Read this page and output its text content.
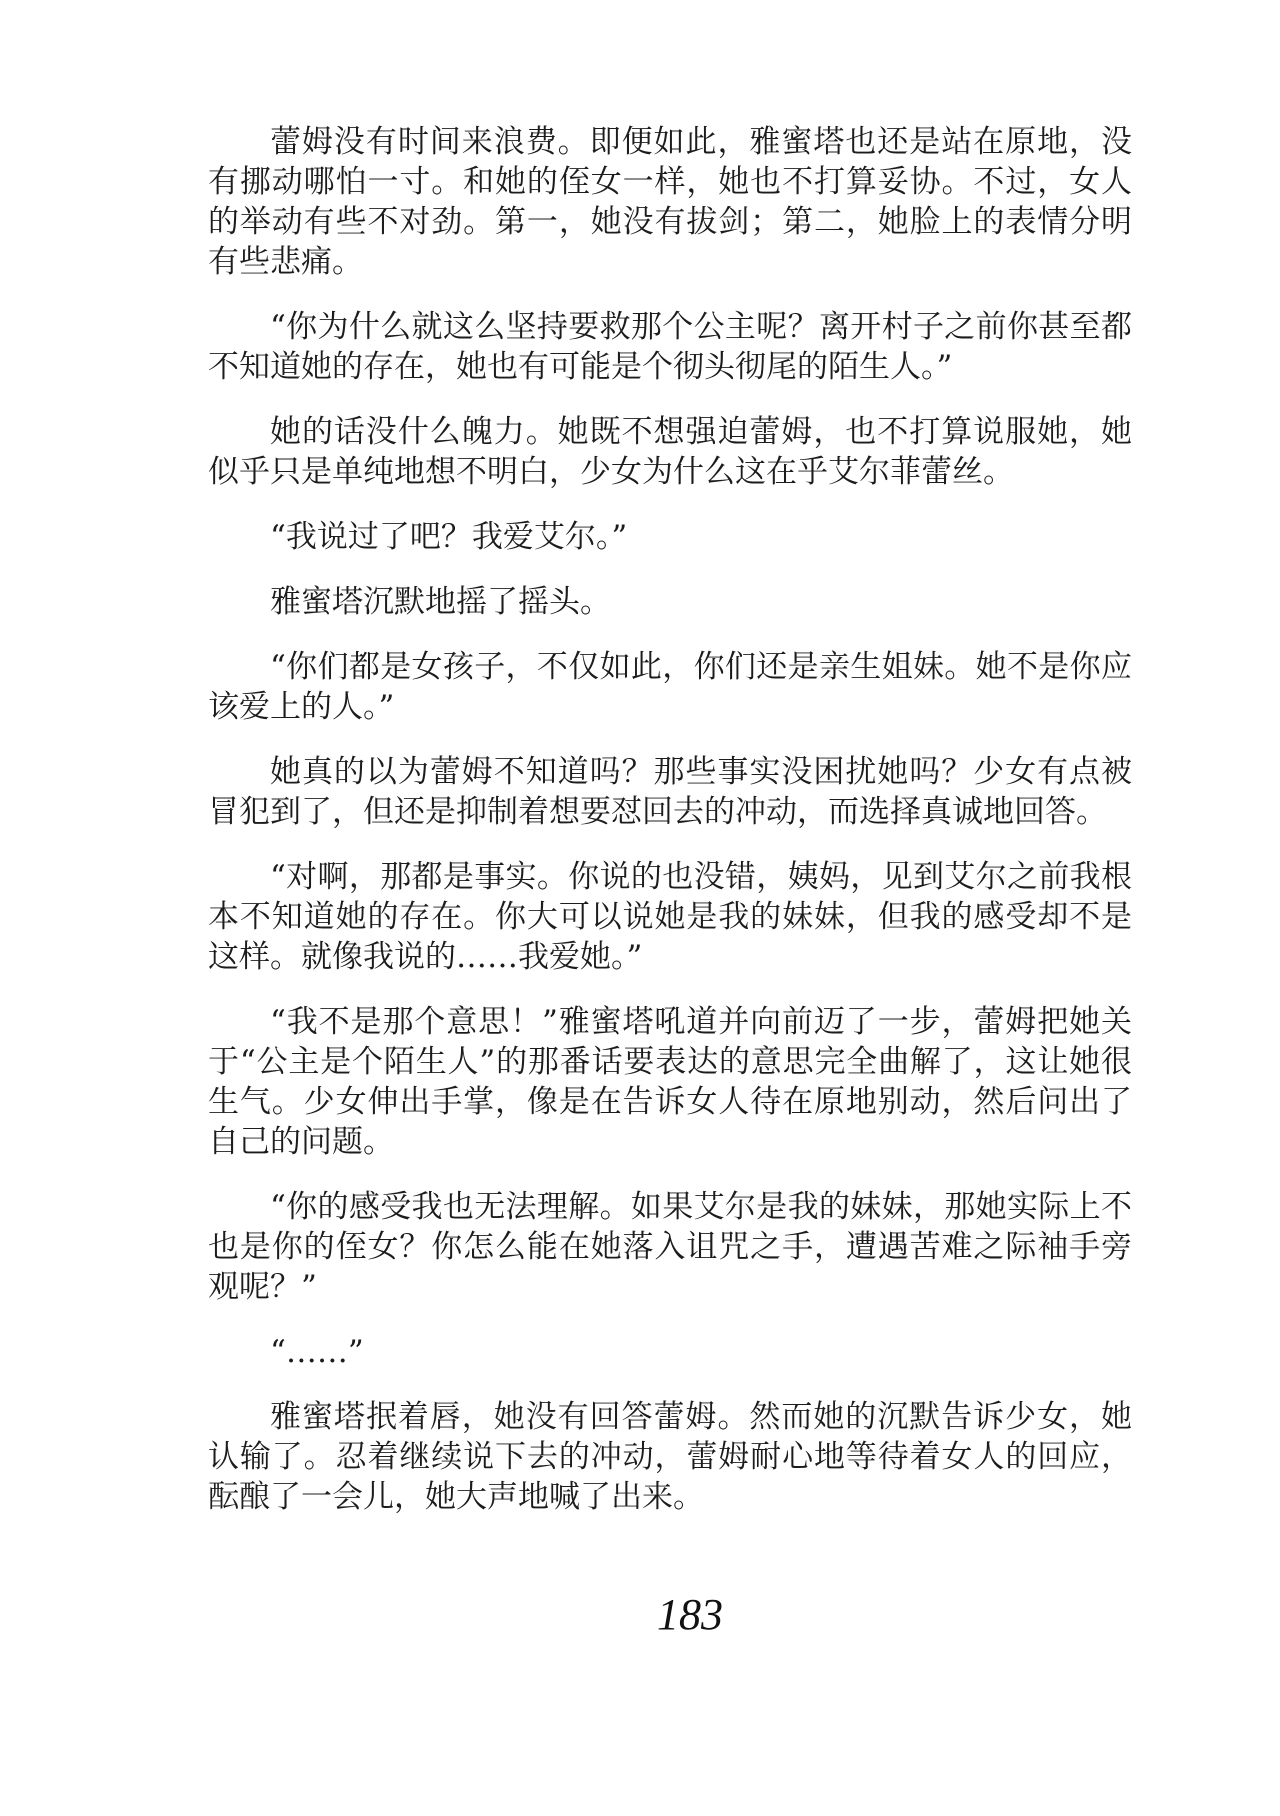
蕾姆没有时间来浪费。即便如此，雅蜜塔也还是站在原地，没有挪动哪怕一寸。和她的侄女一样，她也不打算妥协。不过，女人的举动有些不对劲。第一，她没有拔剑；第二，她脸上的表情分明有些悲痛。

“你为什么就这么坚持要救那个公主呢？离开村子之前你甚至都不知道她的存在，她也有可能是个彻头彻尾的陌生人。”

她的话没什么魄力。她既不想强迫蕾姆，也不打算说服她，她似乎只是单纯地想不明白，少女为什么这在乎艾尔菲蕾丝。

“我说过了吧？我爱艾尔。”

雅蜜塔沉默地摇了摇头。

“你们都是女孩子，不仅如此，你们还是亲生姐妹。她不是你应该爱上的人。”

她真的以为蕾姆不知道吗？那些事实没困扰她吗？少女有点被冒犯到了，但还是抑制着想要怼回去的冲动，而选择真诚地回答。

“对啊，那都是事实。你说的也没错，姨妈，见到艾尔之前我根本不知道她的存在。你大可以说她是我的妹妹，但我的感受却不是这样。就像我说的……我爱她。”

“我不是那个意思！”雅蜜塔吼道并向前迈了一步，蕾姆把她关于“公主是个陌生人”的那番话要表达的意思完全曲解了，这让她很生气。少女伸出手掌，像是在告诉女人待在原地别动，然后问出了自己的问题。

“你的感受我也无法理解。如果艾尔是我的妹妹，那她实际上不也是你的侄女？你怎么能在她落入诅咒之手，遭遇苦难之际袖手旁观呢？”

“……”

雅蜜塔抿着唇，她没有回答蕾姆。然而她的沉默告诉少女，她认输了。忍着继续说下去的冲动，蕾姆耐心地等待着女人的回应，酝酿了一会儿，她大声地喊了出来。

183
